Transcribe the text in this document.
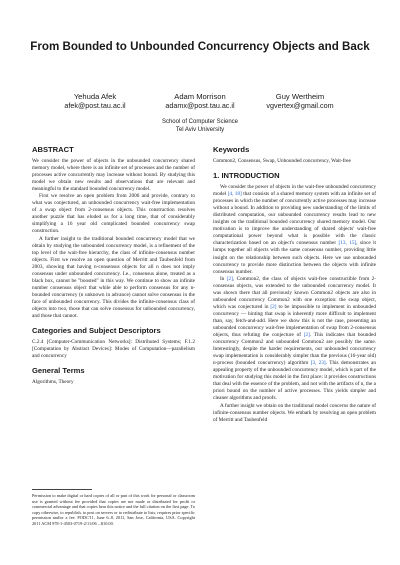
From Bounded to Unbounded Concurrency Objects and Back
Yehuda Afek
afek@post.tau.ac.il
Adam Morrison
adamx@post.tau.ac.il
Guy Wertheim
vgvertex@gmail.com
School of Computer Science
Tel Aviv University
ABSTRACT

We consider the power of objects in the unbounded concurrency shared memory model, where there is an infinite set of processes and the number of processes active concurrently may increase without bound. By studying this model we obtain new results and observations that are relevant and meaningful to the standard bounded concurrency model.
First we resolve an open problem from 2006 and provide, contrary to what was conjectured, an unbounded concurrency wait-free implementation of a swap object from 2-consensus objects. This construction resolves another puzzle that has eluded us for a long time, that of considerably simplifying a 16 year old complicated bounded concurrency swap construction.
A further insight to the traditional bounded concurrency model that we obtain by studying the unbounded concurrency model, is a refinement of the top level of the wait-free hierarchy, the class of infinite-consensus number objects. First we resolve an open question of Merritt and Taubenfeld from 2003, showing that having n-consensus objects for all n does not imply consensus under unbounded concurrency. I.e., consensus alone, treated as a black box, cannot be "boosted" in this way. We continue to show an infinite number consensus object that while able to perform consensus for any n-bounded concurrency (n unknown in advance) cannot solve consensus in the face of unbounded concurrency. This divides the infinite-consensus class of objects into two, those that can solve consensus for unbounded concurrency, and those that cannot.

Categories and Subject Descriptors

C.2.4 [Computer-Communication Networks]: Distributed Systems; F.1.2 [Computation by Abstract Devices]: Modes of Computation—parallelism and concurrency

General Terms

Algorithms, Theory

Permission to make digital or hard copies of all or part of this work for personal or classroom use is granted without fee provided that copies are not made or distributed for profit or commercial advantage and that copies bear this notice and the full citation on the first page. To copy otherwise, to republish, to post on servers or to redistribute to lists, requires prior specific permission and/or a fee. PODC'11, June 6–8, 2011, San Jose, California, USA. Copyright 2011 ACM 978-1-4503-0719-2/11/06 ...$10.00.

Keywords

Common2, Consensus, Swap, Unbounded concurrency, Wait-free

1. INTRODUCTION

We consider the power of objects in the wait-free unbounded concurrency model [4, 18] that consists of a shared memory system with an infinite set of processes in which the number of concurrently active processes may increase without a bound. In addition to providing new understanding of the limits of distributed computation, our unbounded concurrency results lead to new insights on the traditional bounded concurrency shared memory model. Our motivation is to improve the understanding of shared objects' wait-free computational power beyond what is possible with the classic characterization based on an object's consensus number [13, 15], since it lumps together all objects with the same consensus number, providing little insight on the relationship between such objects. Here we use unbounded concurrency to provide more distinction between the objects with infinite consensus number.
In [2], Common2, the class of objects wait-free constructible from 2-consensus objects, was extended to the unbounded concurrency model. It was shown there that all previously known Common2 objects are also in unbounded concurrency Common2 with one exception: the swap object, which was conjectured in [2] to be impossible to implement in unbounded concurrency — hinting that swap is inherently more difficult to implement than, say, fetch-and-add. Here we show this is not the case, presenting an unbounded concurrency wait-free implementation of swap from 2-consensus objects, thus refuting the conjecture of [2]. This indicates that bounded concurrency Common2 and unbounded Common2 are possibly the same. Interestingly, despite the harder requirements, our unbounded concurrency swap implementation is considerably simpler than the previous (16-year old) n-process (bounded concurrency) algorithm [3, 23]. This demonstrates an appealing property of the unbounded concurrency model, which is part of the motivation for studying this model in the first place: it provides constructions that deal with the essence of the problem, and not with the artifacts of n, the a priori bound on the number of active processes. This yields simpler and cleaner algorithms and proofs.
A further insight we obtain on the traditional model concerns the nature of infinite-consensus number objects. We embark by resolving an open problem of Merritt and Taubenfeld
